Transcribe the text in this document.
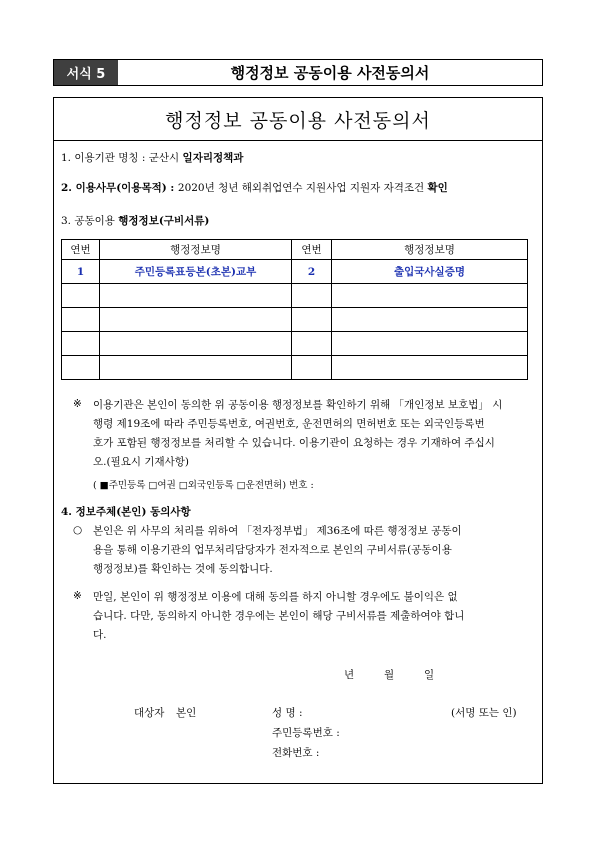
서식 5	행정정보 공동이용 사전동의서
행정정보 공동이용 사전동의서
1. 이용기관 명칭 : 군산시 일자리정책과
2. 이용사무(이용목적) : 2020년 청년 해외취업연수 지원사업 지원자 자격조건 확인
3. 공동이용 행정정보(구비서류)
연번	행정정보명	연번	행정정보명
1	주민등록표등본(초본)교부	2	출입국사실증명

※ 이용기관은 본인이 동의한 위 공동이용 행정정보를 확인하기 위해 「개인정보 보호법」 시
행령 제19조에 따라 주민등록번호, 여권번호, 운전면허의 면허번호 또는 외국인등록번
호가 포함된 행정정보를 처리할 수 있습니다. 이용기관이 요청하는 경우 기재하여 주십시
오.(필요시 기재사항)
( ■주민등록 □여권 □외국인등록 □운전면허) 번호 :
4. 정보주체(본인) 동의사항
○ 본인은 위 사무의 처리를 위하여 「전자정부법」 제36조에 따른 행정정보 공동이
용을 통해 이용기관의 업무처리담당자가 전자적으로 본인의 구비서류(공동이용
행정정보)를 확인하는 것에 동의합니다.
※ 만일, 본인이 위 행정정보 이용에 대해 동의를 하지 아니할 경우에도 불이익은 없
습니다. 다만, 동의하지 아니한 경우에는 본인이 해당 구비서류를 제출하여야 합니
다.
년	월	일
대상자 본인	성 명 :	(서명 또는 인)
주민등록번호 :
전화번호 :
